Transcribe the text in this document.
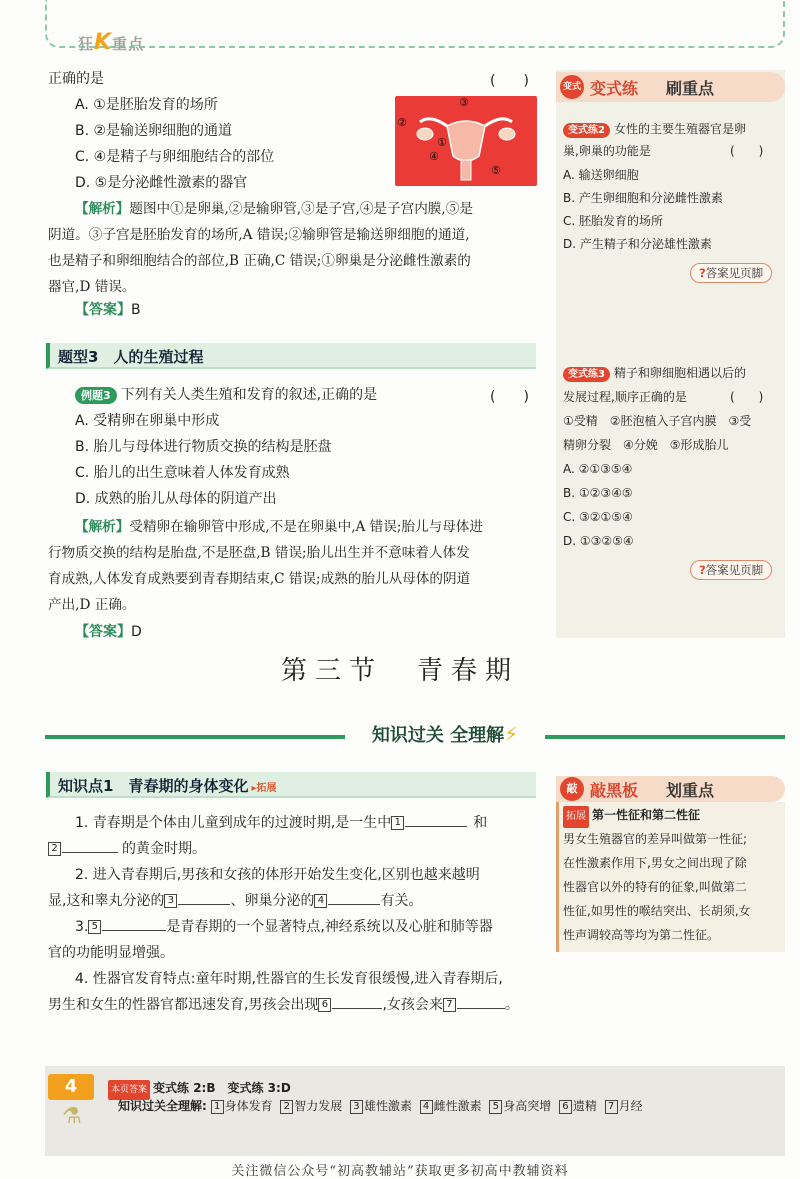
狂K重点
正确的是	(　　)
A. ①是胚胎发育的场所
B. ②是输送卵细胞的通道
C. ④是精子与卵细胞结合的部位
D. ⑤是分泌雌性激素的器官
③
②
①
④
⑤
【解析】题图中①是卵巢,②是输卵管,③是子宫,④是子宫内膜,⑤是
阴道。③子宫是胚胎发育的场所,A 错误;②输卵管是输送卵细胞的通道,
也是精子和卵细胞结合的部位,B 正确,C 错误;①卵巢是分泌雌性激素的
器官,D 错误。
【答案】B
题型3　人的生殖过程
例题3 下列有关人类生殖和发育的叙述,正确的是	(　　)
A. 受精卵在卵巢中形成
B. 胎儿与母体进行物质交换的结构是胚盘
C. 胎儿的出生意味着人体发育成熟
D. 成熟的胎儿从母体的阴道产出
【解析】受精卵在输卵管中形成,不是在卵巢中,A 错误;胎儿与母体进
行物质交换的结构是胎盘,不是胚盘,B 错误;胎儿出生并不意味着人体发
育成熟,人体发育成熟要到青春期结束,C 错误;成熟的胎儿从母体的阴道
产出,D 正确。
【答案】D
变式 变式练 刷重点
变式练2 女性的主要生殖器官是卵
巢,卵巢的功能是	(　　)
A. 输送卵细胞
B. 产生卵细胞和分泌雌性激素
C. 胚胎发育的场所
D. 产生精子和分泌雄性激素
?答案见页脚
变式练3 精子和卵细胞相遇以后的
发展过程,顺序正确的是	(　　)
①受精　②胚泡植入子宫内膜　③受
精卵分裂　④分娩　⑤形成胎儿
A. ②①③⑤④
B. ①②③④⑤
C. ③②①⑤④
D. ①③②⑤④
?答案见页脚
第三节　青春期
知识过关 全理解⚡
知识点1　青春期的身体变化 ▸拓展
1. 青春期是个体由儿童到成年的过渡时期,是一生中 1	和
2	的黄金时期。
2. 进入青春期后,男孩和女孩的体形开始发生变化,区别也越来越明
显,这和睾丸分泌的 3	、卵巢分泌的 4	有关。
3. 5	是青春期的一个显著特点,神经系统以及心脏和肺等器
官的功能明显增强。
4. 性器官发育特点:童年时期,性器官的生长发育很缓慢,进入青春期后,
男生和女生的性器官都迅速发育,男孩会出现 6	,女孩会来 7	。
敲 敲黑板 划重点
拓展 第一性征和第二性征
男女生殖器官的差异叫做第一性征;
在性激素作用下,男女之间出现了除
性器官以外的特有的征象,叫做第二
性征,如男性的喉结突出、长胡须,女
性声调较高等均为第二性征。
4	本页答案 变式练 2:B　变式练 3:D
知识过关全理解: 1 身体发育 2 智力发展 3 雄性激素 4 雌性激素 5 身高突增 6 遗精 7 月经
⚗
关注微信公众号“初高教辅站”获取更多初高中教辅资料
